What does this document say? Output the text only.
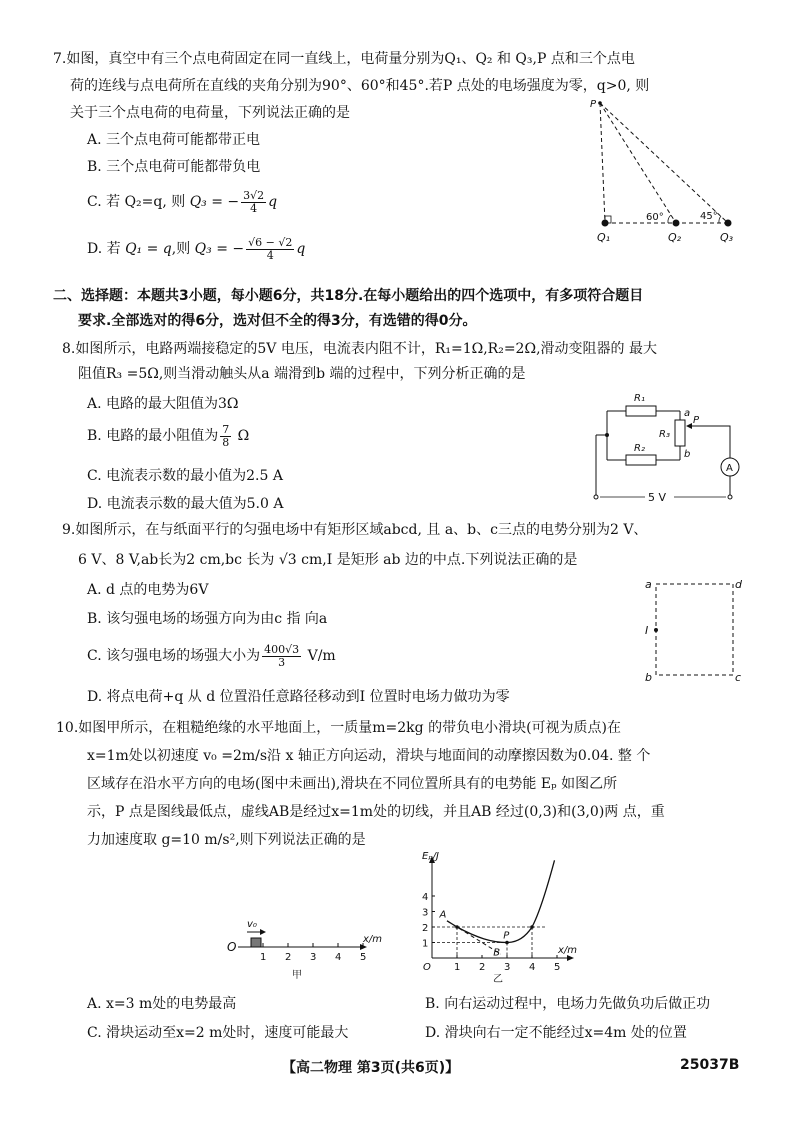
7.如图，真空中有三个点电荷固定在同一直线上，电荷量分别为Q₁、Q₂ 和 Q₃,P 点和三个点电
荷的连线与点电荷所在直线的夹角分别为90°、60°和45°.若P 点处的电场强度为零，q>0, 则
关于三个点电荷的电荷量，下列说法正确的是
A. 三个点电荷可能都带正电
B. 三个点电荷可能都带负电
C. 若 Q₂=q, 则 Q₃ = − $\frac{3√2}{4}$ q
D. 若 Q₁ = q,则 Q₃ = − $\frac{√6 - √2}{4}$ q
P
60°	45°
Q₁	Q₂	Q₃
二、选择题：本题共3小题，每小题6分，共18分.在每小题给出的四个选项中，有多项符合题目
要求.全部选对的得6分，选对但不全的得3分，有选错的得0分。
8.如图所示，电路两端接稳定的5V 电压，电流表内阻不计，R₁=1Ω,R₂=2Ω,滑动变阻器的 最大
阻值R₃ =5Ω,则当滑动触头从a 端滑到b 端的过程中，下列分析正确的是
A. 电路的最大阻值为3Ω
B. 电路的最小阻值为 $\frac{7}{8}$ Ω
C. 电流表示数的最小值为2.5 A
D. 电流表示数的最大值为5.0 A
R₁
R₂
R₃
a
b
P
A
5 V
9.如图所示，在与纸面平行的匀强电场中有矩形区域abcd, 且 a、b、c三点的电势分别为2 V、
6 V、8 V,ab长为2 cm,bc 长为 √3 cm,I 是矩形 ab 边的中点.下列说法正确的是
A. d 点的电势为6V
B. 该匀强电场的场强方向为由c 指 向a
C. 该匀强电场的场强大小为 $\frac{400√3}{3} V/m$
D. 将点电荷+q 从 d 位置沿任意路径移动到I 位置时电场力做功为零
a	d
b	c
I
10.如图甲所示，在粗糙绝缘的水平地面上，一质量m=2kg 的带负电小滑块(可视为质点)在
x=1m处以初速度 v₀ =2m/s沿 x 轴正方向运动，滑块与地面间的动摩擦因数为0.04. 整 个
区域存在沿水平方向的电场(图中未画出),滑块在不同位置所具有的电势能 Eₚ 如图乙所
示，P 点是图线最低点，虚线AB是经过x=1m处的切线，并且AB 经过(0,3)和(3,0)两 点，重
力加速度取 g=10 m/s²,则下列说法正确的是
v₀
O
x/m
1 2 3 4 5
甲
1 2 3 4 5
1
2
3
4
Eₚ/J
x/m
O
A
B
P
乙
A. x=3 m处的电势最高	B. 向右运动过程中，电场力先做负功后做正功
C. 滑块运动至x=2 m处时，速度可能最大	D. 滑块向右一定不能经过x=4m 处的位置
【高二物理 第3页(共6页)】	25037B
